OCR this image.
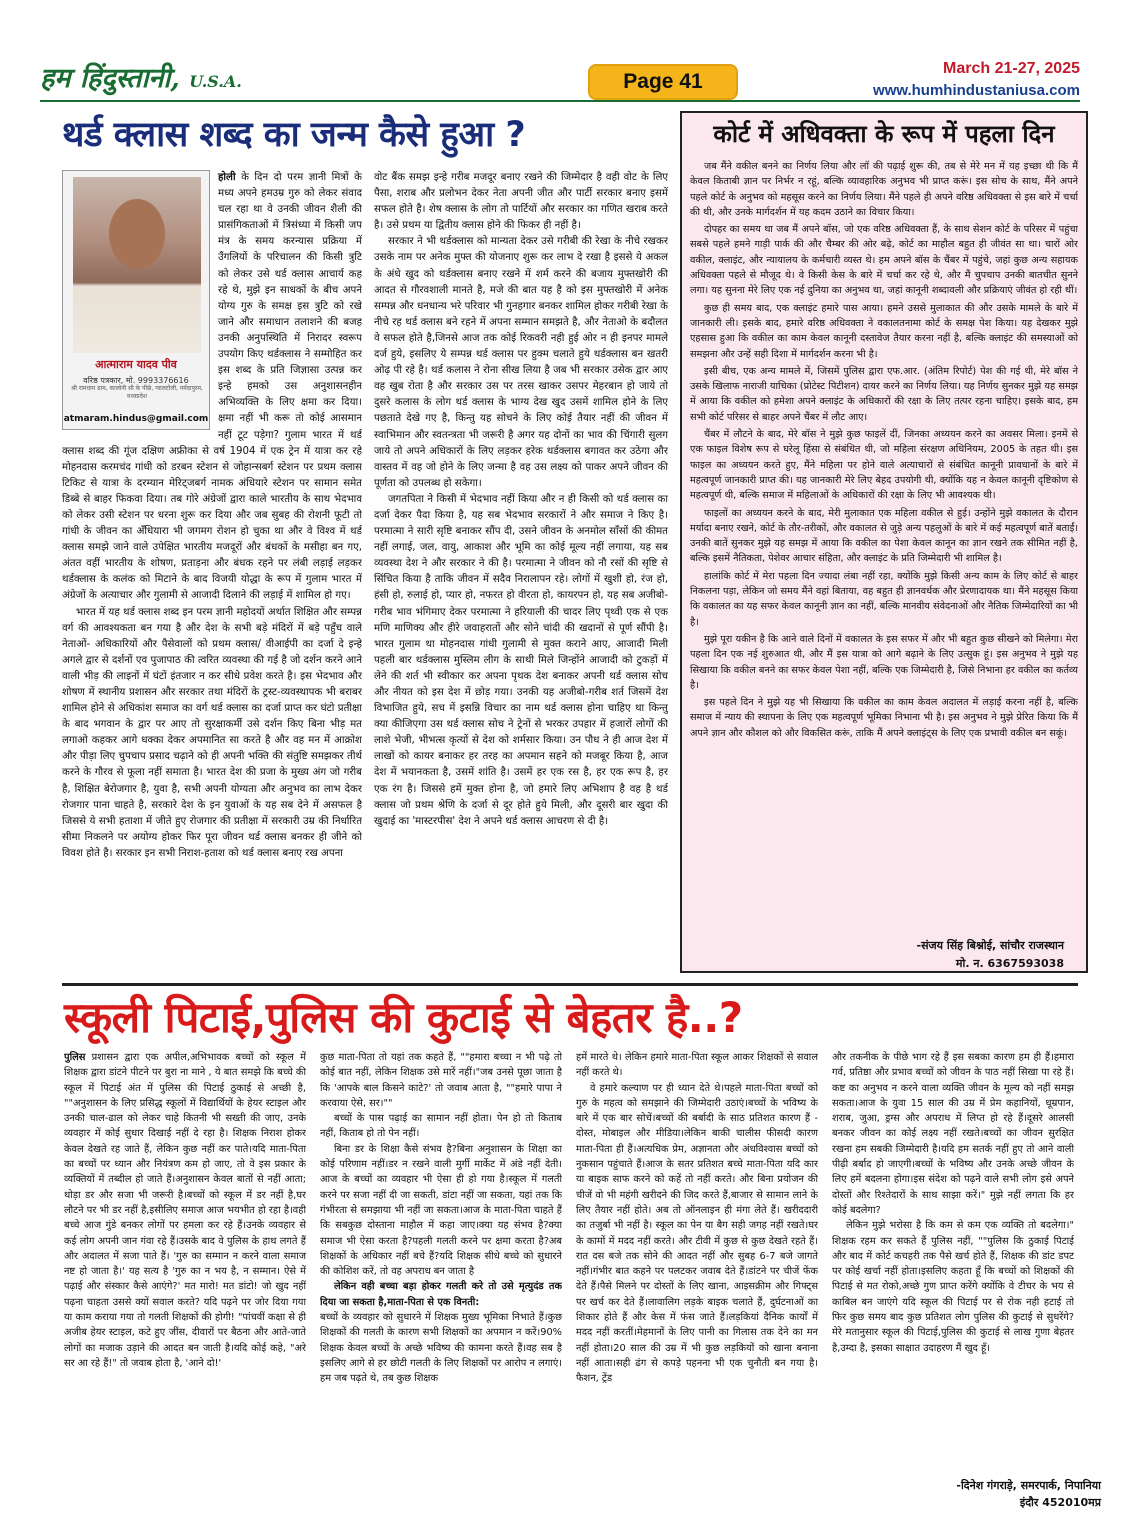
हम हिंदुस्तानी, U.S.A.	Page 41
March 21-27, 2025
www.humhindustaniusa.com
थर्ड क्लास शब्द का जन्म कैसे हुआ ?
आत्माराम यादव पीव
वरिष्ठ पत्रकार, मो. 9993376616
श्री रामधाम ग्राम, कालोनी सी के पीछे, ग्वालटोली, नर्मदापुरम, मध्यप्रदेश
atmaram.hindus@gmail.com

होली के दिन दो परम ज्ञानी मित्रों के मध्य अपने हमउम्र गुरु को लेकर संवाद चल रहा था वे उनकी जीवन शैली की प्रासंगिकताओं में त्रिसंध्या में किसी जप मंत्र के समय करन्यास प्रक्रिया में उँगलियों के परिचालन की किसी त्रुटि को लेकर उसे थर्ड क्लास आचार्य कह रहे थे, मुझे इन साधकों के बीच अपने योग्य गुरु के समक्ष इस त्रुटि को रखे जाने और समाधान तलाशने की बजह उनकी अनुपस्थिति में निरादर स्वरूप उपयोग किए थर्डक्लास ने सम्मोहित कर इस शब्द के प्रति जिज्ञासा उत्पन्न कर इन्हे हमको उस अनुशासनहीन अभिव्यक्ति के लिए क्षमा कर दिया। क्षमा नहीं भी करू तो कोई आसमान नहीं टूट पड़ेगा? गुलाम भारत में थर्ड क्लास शब्द की गूंज दक्षिण अफ्रीका से वर्ष 1904 में एक ट्रेन में यात्रा कर रहे मोहनदास करमचंद गांधी को डरबन स्टेशन से जोहान्सबर्ग स्टेशन पर प्रथम क्लास टिकिट से यात्रा के दरम्यान मेरिट्जबर्ग नामक अंधियारे स्टेशन पर सामान समेत डिब्बे से बाहर फिकवा दिया। तब गोरे अंग्रेजों द्वारा काले भारतीय के साथ भेदभाव को लेकर उसी स्टेशन पर धरना शुरू कर दिया और जब सुबह की रोशनी फूटी तो गांधी के जीवन का अँधियारा भी जगमग रोशन हो चुका था और वे विश्व में थर्ड क्लास समझे जाने वाले उपेक्षित भारतीय मजदूरों और बंधकों के मसीहा बन गए, अंतत वहीं भारतीय के शोषण, प्रताड़ना और बंधक रहने पर लंबी लड़ाई लड़कर थर्डक्लास के कलंक को मिटाने के बाद विजयी योद्धा के रूप में गुलाम भारत में अंग्रेजों के अत्याचार और गुलामी से आजादी दिलाने की लड़ाई में शामिल हो गए।

भारत में यह थर्ड क्लास शब्द इन परम ज्ञानी महोदयों अर्थात शिक्षित और सम्पन्न वर्ग की आवश्यकता बन गया है और देश के सभी बड़े मंदिरों में बड़े पहुँच वाले नेताओं- अधिकारियों और पैसेवालों को प्रथम क्लास/ वीआईपी का दर्जा दे इन्हे अगले द्वार से दर्शनों एव पुजापाठ की त्वरित व्यवस्था की गई है जो दर्शन करने आने वाली भीड़ की लाइनों में घंटों इंतजार न कर सीधे प्रवेश करते है। इस भेदभाव और शोषण में स्थानीय प्रशासन और सरकार तथा मंदिरों के ट्रस्ट-व्यवस्थापक भी बराबर शामिल होने से अधिकांश समाज का वर्ग थर्ड क्लास का दर्जा प्राप्त कर घंटो प्रतीक्षा के बाद भगवान के द्वार पर आए तो सुरक्षाकर्मी उसे दर्शन किए बिना भीड़ मत लगाओ कहकर आगे धक्का देकर अपमानित सा करते है और वह मन में आक्रोश और पीड़ा लिए चुपचाप प्रसाद चढ़ाने को ही अपनी भक्ति की संतुष्टि समझकर तीर्थ करने के गौरव से फूला नहीं समाता है। भारत देश की प्रजा के मुख्य अंग जो गरीब है, शिक्षित बेरोजगार है, युवा है, सभी अपनी योग्यता और अनुभव का लाभ देकर रोजगार पाना चाहते है, सरकारे देश के इन युवाओं के यह सब देने में असफल है जिससे ये सभी हताशा में जीते हुए रोजगार की प्रतीक्षा में सरकारी उम्र की निर्धारित सीमा निकलने पर अयोग्य होकर फिर पूरा जीवन थर्ड क्लास बनकर ही जीने को विवश होते है। सरकार इन सभी निराश-हताश को थर्ड क्लास बनाए रख अपना

वोट बैंक समझ इन्हे गरीब मजदूर बनाए रखने की जिम्मेदार है वही वोट के लिए पैसा, शराब और प्रलोभन देकर नेता अपनी जीत और पार्टी सरकार बनाए इसमें सफल होते है। शेष क्लास के लोग तो पार्टियों और सरकार का गणित खराब करते है। उसे प्रथम या द्वितीय क्लास होने की फिकर ही नहीं है।

सरकार ने भी थर्डक्लास को मान्यता देकर उसे गरीबी की रेखा के नीचे रखकर उसके नाम पर अनेक मुफ्त की योजनाए शुरू कर लाभ दे रखा है इससे ये अकल के अंधे खुद को थर्डक्लास बनाए रखने में शर्म करने की बजाय मुफ्तखोरी की आदत से गौरवशाली मानते है, मजे की बात यह है को इस मुफ्तखोरी में अनेक सम्पन्न और धनधान्य भरे परिवार भी गुनहगार बनकर शामिल होकर गरीबी रेखा के नीचे रह थर्ड क्लास बने रहने में अपना सम्मान समझते है, और नेताओ के बदौलत वे सफल होते है,जिनसे आज तक कोई रिकवरी नही हुई ओर न ही इनपर मामले दर्ज हुये, इसलिए ये सम्पन्न थर्ड क्लास पर हुक्म चलाते हुये थर्डक्लास बन खतरी ओढ़ पी रहे है। थर्ड कलास ने रोना सीख लिया है जब भी सरकार उसेक द्वार आए वह खुब रोता है और सरकार उस पर तरस खाकर उसपर मेहरबान हो जाये तो दुसरे कलास के लोग थर्ड क्लास के भाग्य देख खुद उसमें शामिल होने के लिए पछताते देखे गए है, किन्तु यह सोचने के लिए कोई तैयार नहीं की जीवन में स्वाभिमान और स्वतन्त्रता भी जरूरी है अगर यह दोनों का भाव की चिंगारी सुलग जाये तो अपने अधिकारों के लिए लड़कर हरेक थर्डक्लास बगावत कर उठेगा और वास्तव में वह जो होने के लिए जन्मा है वह उस लक्ष्य को पाकर अपने जीवन की पूर्णता को उपलब्ध हो सकेगा।

जगतपिता ने किसी में भेदभाव नहीं किया और न ही किसी को थर्ड क्लास का दर्जा देकर पैदा किया है, यह सब भेदभाव सरकारों ने और समाज ने किए है। परमात्मा ने सारी सृष्टि बनाकर सौंप दी, उसने जीवन के अनमोल साँसों की कीमत नहीं लगाई, जल, वायु, आकाश और भूमि का कोई मूल्य नहीं लगाया, यह सब व्यवस्था देश ने और सरकार ने की है। परमात्मा ने जीवन को नौ रसों की सृष्टि से सिंचित किया है ताकि जीवन में सदैव निरालापन रहे। लोगों में खुशी हो, रंज हो, हंसी हो, रुलाई हो, प्यार हो, नफरत हो वीरता हो, कायरपन हो, यह सब अजीबो-गरीब भाव भंगिमाए देकर परमात्मा ने हरियाली की चादर लिए पृथ्वी एक से एक मणि माणिक्य और हीरे जवाहरातों और सोने चांदी की खदानों से पूर्ण सौंपी है। भारत गुलाम था मोहनदास गांधी गुलामी से मुक्त कराने आए, आजादी मिली पहली बार थर्डक्लास मुस्लिम लीग के साथी मिले जिन्होंने आजादी को टुकड़ों में लेने की शर्त भी स्वीकार कर अपना पृथक देश बनाकर अपनी थर्ड क्लास सोच और नीयत को इस देश में छोड़ गया। उनकी यह अजीबो-गरीब शर्त जिसमें देश विभाजित हुये, सच में इसन्नि विचार का नाम थर्ड क्लास होना चाहिए था किन्तु क्या कीजिएगा उस थर्ड क्लास सोच ने ट्रेनों से भरकर उपहार में हजारों लोगों की लाशे भेजी, भीभत्स कृत्यों से देश को शर्मसार किया। उन पौध ने ही आज देश में लाखों को कायर बनाकर हर तरह का अपमान सहने को मजबूर किया है, आज देश में भयानकता है, उसमें शांति है। उसमें हर एक रस है, हर एक रूप है, हर एक रंग है। जिससे हमें मुक्त होना है, जो हमारे लिए अभिशाप है वह है थर्ड क्लास जो प्रथम श्रेणि के दर्जा से दूर होते हुये मिली, और दूसरी बार खुदा की खुदाई का 'मास्टरपीस' देश ने अपने थर्ड क्लास आचरण से दी है।

कोर्ट में अधिवक्ता के रूप में पहला दिन

जब मैंने वकील बनने का निर्णय लिया और लॉ की पढ़ाई शुरू की, तब से मेरे मन में यह इच्छा थी कि मैं केवल किताबी ज्ञान पर निर्भर न रहूं, बल्कि व्यावहारिक अनुभव भी प्राप्त करूं। इस सोच के साथ, मैंने अपने पहले कोर्ट के अनुभव को महसूस करने का निर्णय लिया। मैंने पहले ही अपने वरिष्ठ अधिवक्ता से इस बारे में चर्चा की थी, और उनके मार्गदर्शन में यह कदम उठाने का विचार किया।

दोपहर का समय था जब मैं अपने बॉस, जो एक वरिष्ठ अधिवक्ता हैं, के साथ सेशन कोर्ट के परिसर में पहुंचा सबसे पहले हमने गाड़ी पार्क की और चैम्बर की ओर बढ़े, कोर्ट का माहौल बहुत ही जीवंत सा था। चारों ओर वकील, क्लाइंट, और न्यायालय के कर्मचारी व्यस्त थे। हम अपने बॉस के चैंबर में पहुंचे, जहां कुछ अन्य सहायक अधिवक्ता पहले से मौजूद थे। वे किसी केस के बारे में चर्चा कर रहे थे, और मैं चुपचाप उनकी बातचीत सुनने लगा। यह सुनना मेरे लिए एक नई दुनिया का अनुभव था, जहां कानूनी शब्दावली और प्रक्रियाएं जीवंत हो रही थीं।

कुछ ही समय बाद, एक क्लाइंट हमारे पास आया। हमने उससे मुलाकात की और उसके मामले के बारे में जानकारी ली। इसके बाद, हमारे वरिष्ठ अधिवक्ता ने वकालतनामा कोर्ट के समक्ष पेश किया। यह देखकर मुझे एहसास हुआ कि वकील का काम केवल कानूनी दस्तावेज तैयार करना नहीं है, बल्कि क्लाइंट की समस्याओं को समझना और उन्हें सही दिशा में मार्गदर्शन करना भी है।

इसी बीच, एक अन्य मामले में, जिसमें पुलिस द्वारा एफ.आर. (अंतिम रिपोर्ट) पेश की गई थी, मेरे बॉस ने उसके खिलाफ नाराजी याचिका (प्रोटेस्ट पिटीशन) दायर करने का निर्णय लिया। यह निर्णय सुनकर मुझे यह समझ में आया कि वकील को हमेशा अपने क्लाइंट के अधिकारों की रक्षा के लिए तत्पर रहना चाहिए। इसके बाद, हम सभी कोर्ट परिसर से बाहर अपने चैंबर में लौट आए।

चैंबर में लौटने के बाद, मेरे बॉस ने मुझे कुछ फाइलें दीं, जिनका अध्ययन करने का अवसर मिला। इनमें से एक फाइल विशेष रूप से घरेलू हिंसा से संबंधित थी, जो महिला संरक्षण अधिनियम, 2005 के तहत थी। इस फाइल का अध्ययन करते हुए, मैंने महिला पर होने वाले अत्याचारों से संबंधित कानूनी प्रावधानों के बारे में महत्वपूर्ण जानकारी प्राप्त की। यह जानकारी मेरे लिए बेहद उपयोगी थी, क्योंकि यह न केवल कानूनी दृष्टिकोण से महत्वपूर्ण थी, बल्कि समाज में महिलाओं के अधिकारों की रक्षा के लिए भी आवश्यक थी।

फाइलों का अध्ययन करने के बाद, मेरी मुलाकात एक महिला वकील से हुई। उन्होंने मुझे वकालत के दौरान मर्यादा बनाए रखने, कोर्ट के तौर-तरीकों, और वकालत से जुड़े अन्य पहलुओं के बारे में कई महत्वपूर्ण बातें बताईं। उनकी बातें सुनकर मुझे यह समझ में आया कि वकील का पेशा केवल कानून का ज्ञान रखने तक सीमित नहीं है, बल्कि इसमें नैतिकता, पेशेवर आचार संहिता, और क्लाइंट के प्रति जिम्मेदारी भी शामिल है।

हालांकि कोर्ट में मेरा पहला दिन ज्यादा लंबा नहीं रहा, क्योंकि मुझे किसी अन्य काम के लिए कोर्ट से बाहर निकलना पड़ा, लेकिन जो समय मैंने वहां बिताया, वह बहुत ही ज्ञानवर्धक और प्रेरणादायक था। मैंने महसूस किया कि वकालत का यह सफर केवल कानूनी ज्ञान का नहीं, बल्कि मानवीय संवेदनाओं और नैतिक जिम्मेदारियों का भी है।

मुझे पूरा यकीन है कि आने वाले दिनों में वकालत के इस सफर में और भी बहुत कुछ सीखने को मिलेगा। मेरा पहला दिन एक नई शुरुआत थी, और मैं इस यात्रा को आगे बढ़ाने के लिए उत्सुक हूं। इस अनुभव ने मुझे यह सिखाया कि वकील बनने का सफर केवल पेशा नहीं, बल्कि एक जिम्मेदारी है, जिसे निभाना हर वकील का कर्तव्य है।

इस पहले दिन ने मुझे यह भी सिखाया कि वकील का काम केवल अदालत में लड़ाई करना नहीं है, बल्कि समाज में न्याय की स्थापना के लिए एक महत्वपूर्ण भूमिका निभाना भी है। इस अनुभव ने मुझे प्रेरित किया कि मैं अपने ज्ञान और कौशल को और विकसित करूं, ताकि मैं अपने क्लाइंट्स के लिए एक प्रभावी वकील बन सकूं।

-संजय सिंह बिश्नोई, सांचौर राजस्थान
मो. न. 6367593038
स्कूली पिटाई,पुलिस की कुटाई से बेहतर है..?

पुलिस प्रशासन द्वारा एक अपील,अभिभावक बच्चों को स्कूल में शिक्षक द्वारा डांटने पीटने पर बुरा ना माने , ये बात समझे कि बच्चे की स्कूल में पिटाई अंत में पुलिस की पिटाई ठुकाई से अच्छी है, ""अनुशासन के लिए प्रसिद्ध स्कूलों में विद्यार्थियों के हेयर स्टाइल और उनकी चाल-ढाल को लेकर चाहे कितनी भी सख्ती की जाए, उनके व्यवहार में कोई सुधार दिखाई नहीं दे रहा है। शिक्षक निराश होकर केवल देखते रह जाते हैं, लेकिन कुछ नहीं कर पाते।यदि माता-पिता का बच्चों पर ध्यान और नियंत्रण कम हो जाए, तो वे इस प्रकार के व्यक्तियों में तब्दील हो जाते हैं।अनुशासन केवल बातों से नहीं आता; थोड़ा डर और सजा भी जरूरी है।बच्चों को स्कूल में डर नहीं है,घर लौटने पर भी डर नहीं है,इसीलिए समाज आज भयभीत हो रहा है।वही बच्चे आज गुंडे बनकर लोगों पर हमला कर रहे हैं।उनके व्यवहार से कई लोग अपनी जान गंवा रहे हैं।उसके बाद वे पुलिस के हाथ लगते हैं और अदालत में सजा पाते हैं। 'गुरु का सम्मान न करने वाला समाज नष्ट हो जाता है।' यह सत्य है 'गुरु का न भय है, न सम्मान। ऐसे में पढ़ाई और संस्कार कैसे आएंगे?' मत मारो! मत डांटो! जो खुद नहीं पढ़ना चाहता उससे क्यों सवाल करते? यदि पढ़ने पर जोर दिया गया या काम कराया गया तो गलती शिक्षकों की होगी! "पांचवीं कक्षा से ही अजीब हेयर स्टाइल, कटे हुए जींस, दीवारों पर बैठना और आते-जाते लोगों का मजाक उड़ाने की आदत बन जाती है।यदि कोई कहे, "अरे सर आ रहे हैं!" तो जवाब होता है, 'आने दो!'

कुछ माता-पिता तो यहां तक कहते हैं, ""हमारा बच्चा न भी पढ़े तो कोई बात नहीं, लेकिन शिक्षक उसे मारें नहीं।"जब उनसे पूछा जाता है कि 'आपके बाल किसने काटे?' तो जवाब आता है, ""हमारे पापा ने करवाया ऐसे, सर।""

बच्चों के पास पढ़ाई का सामान नहीं होता। पेन हो तो किताब नहीं, किताब हो तो पेन नहीं।

बिना डर के शिक्षा कैसे संभव है?बिना अनुशासन के शिक्षा का कोई परिणाम नहीं।डर न रखने वाली मुर्गी मार्केट में अंडे नहीं देती।आज के बच्चों का व्यवहार भी ऐसा ही हो गया है।स्कूल में गलती करने पर सजा नहीं दी जा सकती, डांटा नहीं जा सकता, यहां तक कि गंभीरता से समझाया भी नहीं जा सकता।आज के माता-पिता चाहते हैं कि सबकुछ दोस्ताना माहौल में कहा जाए।क्या यह संभव है?क्या समाज भी ऐसा करता है?पहली गलती करने पर क्षमा करता है?अब शिक्षकों के अधिकार नहीं बचे हैं?यदि शिक्षक सीधे बच्चे को सुधारने की कोशिश करें, तो वह अपराध बन जाता है

लेकिन वही बच्चा बड़ा होकर गलती करे तो उसे मृत्युदंड तक दिया जा सकता है,माता-पिता से एक विनती:

बच्चों के व्यवहार को सुधारने में शिक्षक मुख्य भूमिका निभाते हैं।कुछ शिक्षकों की गलती के कारण सभी शिक्षकों का अपमान न करें।90% शिक्षक केवल बच्चों के अच्छे भविष्य की कामना करते हैं।वह सब है इसलिए आगे से हर छोटी गलती के लिए शिक्षकों पर आरोप न लगाएं।हम जब पढ़ते थे, तब कुछ शिक्षक

हमें मारते थे। लेकिन हमारे माता-पिता स्कूल आकर शिक्षकों से सवाल नहीं करते थे।

वे हमारे कल्याण पर ही ध्यान देते थे।पहले माता-पिता बच्चों को गुरु के महत्व को समझाने की जिम्मेदारी उठाएं।बच्चों के भविष्य के बारे में एक बार सोचें।बच्चों की बर्बादी के साठ प्रतिशत कारण हैं - दोस्त, मोबाइल और मीडिया।लेकिन बाकी चालीस फीसदी कारण माता-पिता ही हैं।अत्यधिक प्रेम, अज्ञानता और अंधविश्वास बच्चों को नुकसान पहुंचाते हैं।आज के सतर प्रतिशत बच्चे माता-पिता यदि कार या बाइक साफ करने को कहें तो नहीं करते। और बिना प्रयोजन की चीजें वो भी महंगी खरीदने की जिद करते हैं,बाजार से सामान लाने के लिए तैयार नहीं होते। अब तो ऑनलाइन ही मंगा लेते हैं। खरीददारी का तजुर्बा भी नहीं है। स्कूल का पेन या बैग सही जगह नहीं रखते।घर के कामों में मदद नहीं करते। और टीवी में कुछ से कुछ देखते रहते हैं। रात दस बजे तक सोने की आदत नहीं और सुबह 6-7 बजे जागते नहीं।गंभीर बात कहने पर पलटकर जवाब देते हैं।डांटने पर चीजें फेंक देते हैं।पैसे मिलने पर दोस्तों के लिए खाना, आइसक्रीम और गिफ्ट्स पर खर्च कर देते हैं।लावालिग लड़के बाइक चलाते हैं, दुर्घटनाओं का शिकार होते हैं और केस में फंस जाते हैं।लड़कियां दैनिक कार्यों में मदद नहीं करतीं।मेहमानों के लिए पानी का गिलास तक देने का मन नहीं होता।20 साल की उम्र में भी कुछ लड़कियों को खाना बनाना नहीं आता।सही ढंग से कपड़े पहनना भी एक चुनौती बन गया है।फैशन, ट्रेंड

और तकनीक के पीछे भाग रहे हैं इस सबका कारण हम ही हैं।हमारा गर्व, प्रतिष्ठा और प्रभाव बच्चों को जीवन के पाठ नहीं सिखा पा रहे हैं।कष्ट का अनुभव न करने वाला व्यक्ति जीवन के मूल्य को नहीं समझ सकता।आज के युवा 15 साल की उम्र में प्रेम कहानियों, धूम्रपान, शराब, जुआ, ड्रग्स और अपराध में लिप्त हो रहे हैं।दूसरे आलसी बनकर जीवन का कोई लक्ष्य नहीं रखते।बच्चों का जीवन सुरक्षित रखना हम सबकी जिम्मेदारी है।यदि हम सतर्क नहीं हुए तो आने वाली पीढ़ी बर्बाद हो जाएगी।बच्चों के भविष्य और उनके अच्छे जीवन के लिए हमें बदलना होगा।इस संदेश को पढ़ने वाले सभी लोग इसे अपने दोस्तों और रिश्तेदारों के साथ साझा करें।" मुझे नहीं लगता कि हर कोई बदलेगा?

लेकिन मुझे भरोसा है कि कम से कम एक व्यक्ति तो बदलेगा।" शिक्षक रहम कर सकते हैं पुलिस नहीं, ""पुलिस कि ठुकाई पिटाई और बाद में कोर्ट कचहरी तक पैसे खर्च होते हैं, शिक्षक की डांट डपट पर कोई खर्चा नहीं होता।इसलिए कहता हूँ कि बच्चों को शिक्षकों की पिटाई से मत रोको,अच्छे गुण प्राप्त करेंगे क्योंकि वे टीचर के भय से काबिल बन जाएंगे यदि स्कूल की पिटाई पर से रोक नही हटाई तो फिर कुछ समय बाद कुछ प्रतिशत लोग पुलिस की कुटाई से सुधरेंगे?मेरे मतानुसार स्कूल की पिटाई,पुलिस की कुटाई से लाख गुणा बेहतर है,उम्दा है, इसका साक्षात उदाहरण मैं खुद हूँ।

-दिनेश गंगराड़े, समरपार्क, निपानिया
इंदौर 452010मप्र
